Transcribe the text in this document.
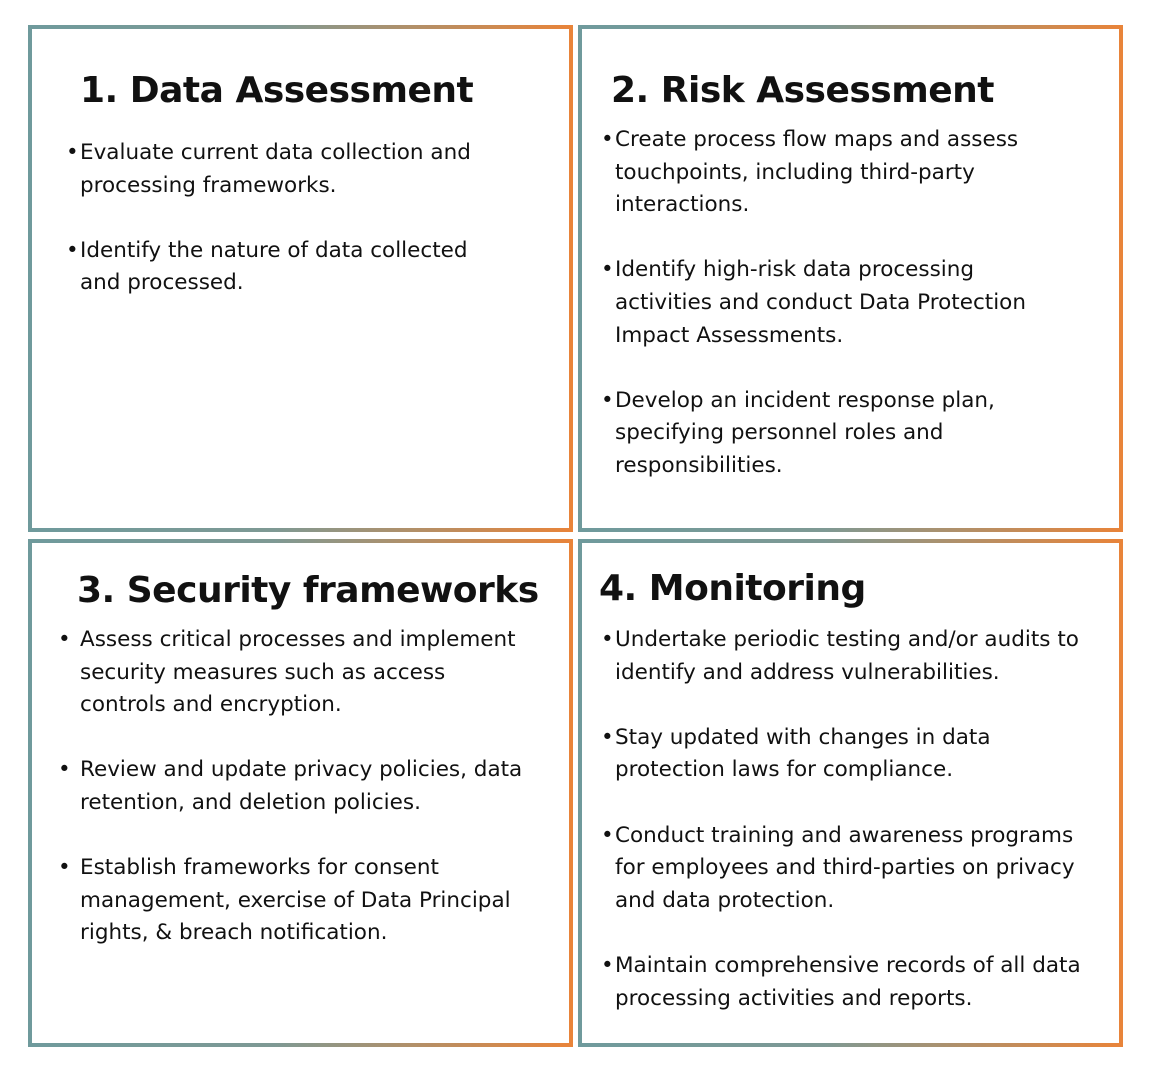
1. Data Assessment
• Evaluate current data collection and processing frameworks.
• Identify the nature of data collected and processed.
2. Risk Assessment
• Create process flow maps and assess touchpoints, including third-party interactions.
• Identify high-risk data processing activities and conduct Data Protection Impact Assessments.
• Develop an incident response plan, specifying personnel roles and responsibilities.
3. Security frameworks
• Assess critical processes and implement security measures such as access controls and encryption.
• Review and update privacy policies, data retention, and deletion policies.
• Establish frameworks for consent management, exercise of Data Principal rights, & breach notification.
4. Monitoring
• Undertake periodic testing and/or audits to identify and address vulnerabilities.
• Stay updated with changes in data protection laws for compliance.
• Conduct training and awareness programs for employees and third-parties on privacy and data protection.
• Maintain comprehensive records of all data processing activities and reports.
